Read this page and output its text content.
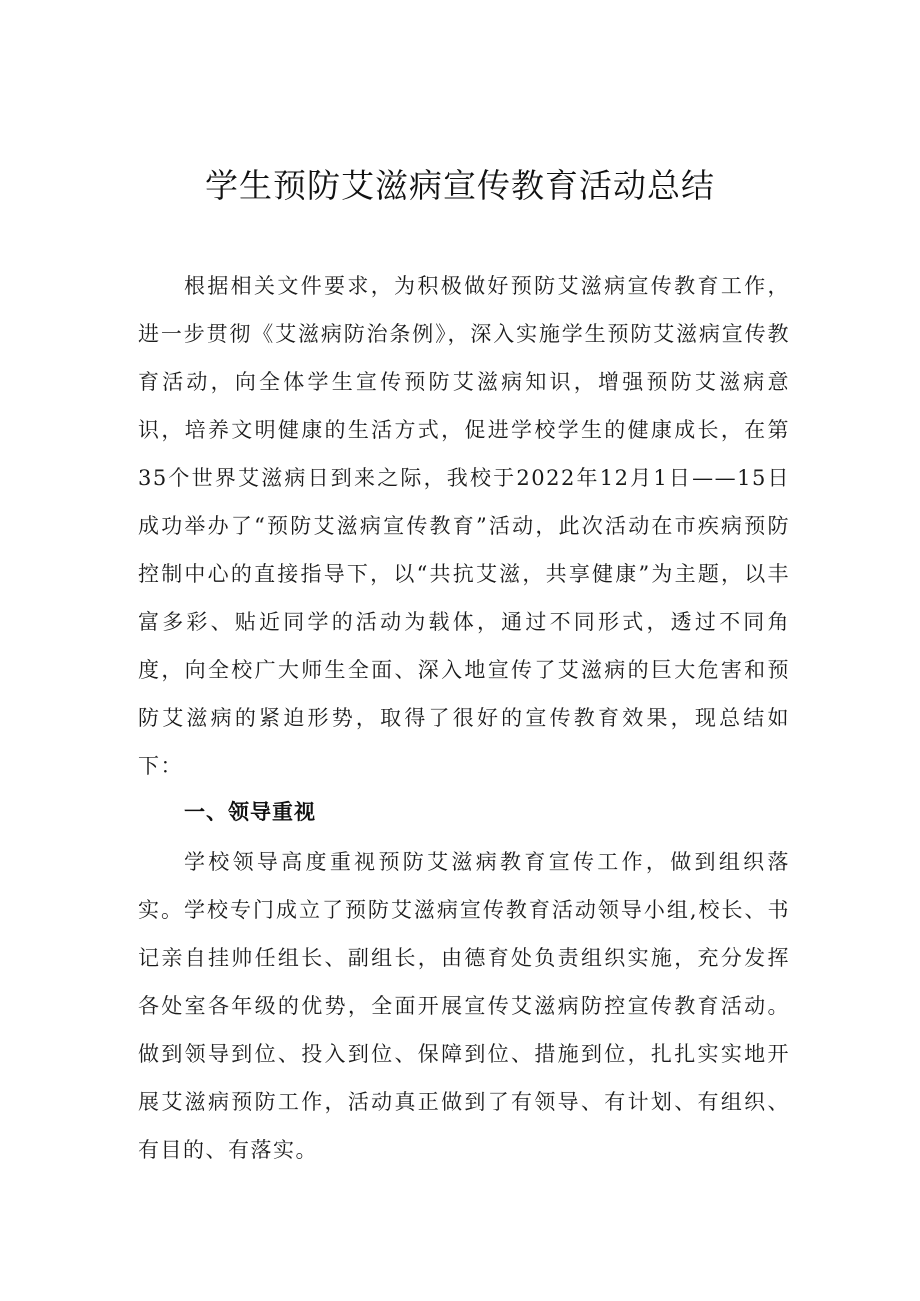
学生预防艾滋病宣传教育活动总结

根据相关文件要求，为积极做好预防艾滋病宣传教育工作，进一步贯彻《艾滋病防治条例》，深入实施学生预防艾滋病宣传教育活动，向全体学生宣传预防艾滋病知识，增强预防艾滋病意识，培养文明健康的生活方式，促进学校学生的健康成长，在第35个世界艾滋病日到来之际，我校于2022年12月1日——15日成功举办了“预防艾滋病宣传教育”活动，此次活动在市疾病预防控制中心的直接指导下，以“共抗艾滋，共享健康”为主题，以丰富多彩、贴近同学的活动为载体，通过不同形式，透过不同角度，向全校广大师生全面、深入地宣传了艾滋病的巨大危害和预防艾滋病的紧迫形势，取得了很好的宣传教育效果，现总结如下：

一、领导重视

学校领导高度重视预防艾滋病教育宣传工作，做到组织落实。学校专门成立了预防艾滋病宣传教育活动领导小组,校长、书记亲自挂帅任组长、副组长，由德育处负责组织实施，充分发挥各处室各年级的优势，全面开展宣传艾滋病防控宣传教育活动。做到领导到位、投入到位、保障到位、措施到位，扎扎实实地开展艾滋病预防工作，活动真正做到了有领导、有计划、有组织、有目的、有落实。
